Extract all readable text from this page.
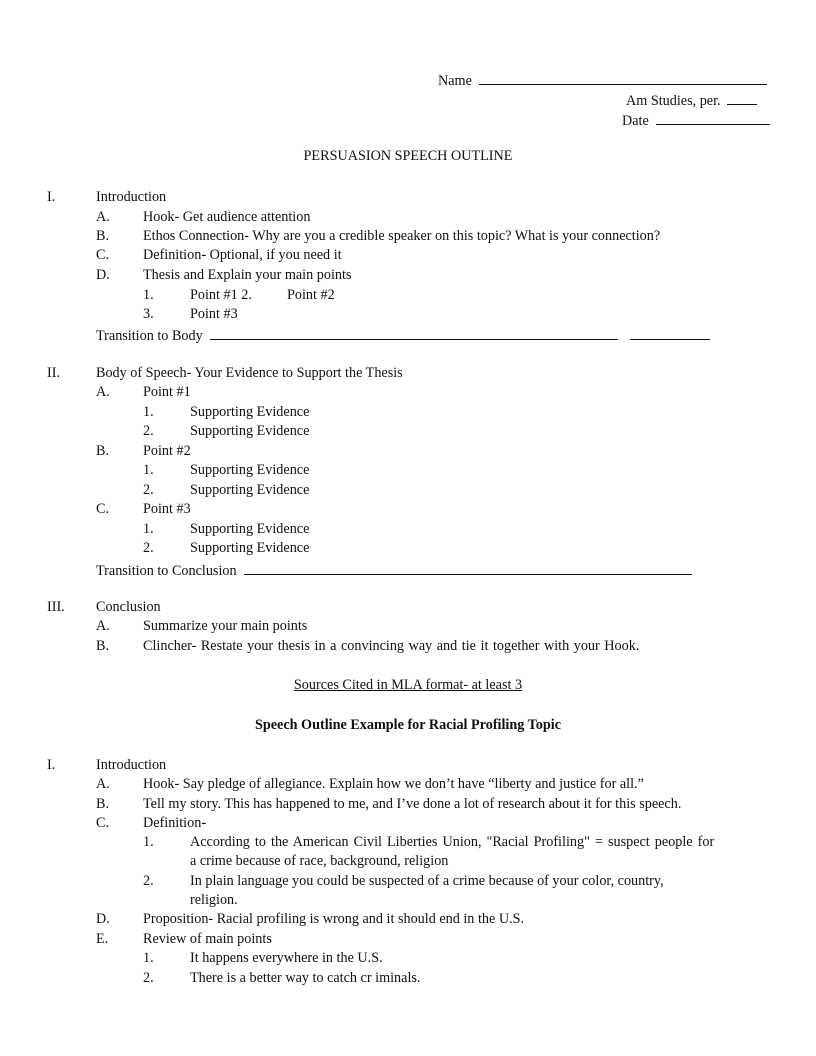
Name
Am Studies, per.
Date
PERSUASION SPEECH OUTLINE
I.	Introduction
A. Hook- Get audience attention
B. Ethos Connection- Why are you a credible speaker on this topic? What is your connection?
C. Definition- Optional, if you need it
D. Thesis and Explain your main points
1.	Point #1 2. Point #2
3.	Point #3
Transition to Body
II.	Body of Speech- Your Evidence to Support the Thesis
A. Point #1
1.	Supporting Evidence
2.	Supporting Evidence
B. Point #2
1.	Supporting Evidence
2.	Supporting Evidence
C. Point #3
1.	Supporting Evidence
2.	Supporting Evidence
Transition to Conclusion
III. Conclusion
A. Summarize your main points
B. Clincher- Restate your thesis in a convincing way and tie it together with your Hook.
Sources Cited in MLA format- at least 3
Speech Outline Example for Racial Profiling Topic
I.	Introduction
A. Hook- Say pledge of allegiance. Explain how we don’t have “liberty and justice for all.”
B. Tell my story. This has happened to me, and I’ve done a lot of research about it for this speech.
C. Definition-
1.	According to the American Civil Liberties Union, "Racial Profiling" = suspect people for
a crime because of race, background, religion
2.	In plain language you could be suspected of a crime because of your color, country,
religion.
D. Proposition- Racial profiling is wrong and it should end in the U.S.
E. Review of main points
1.	It happens everywhere in the U.S.
2.	There is a better way to catch cr iminals.
